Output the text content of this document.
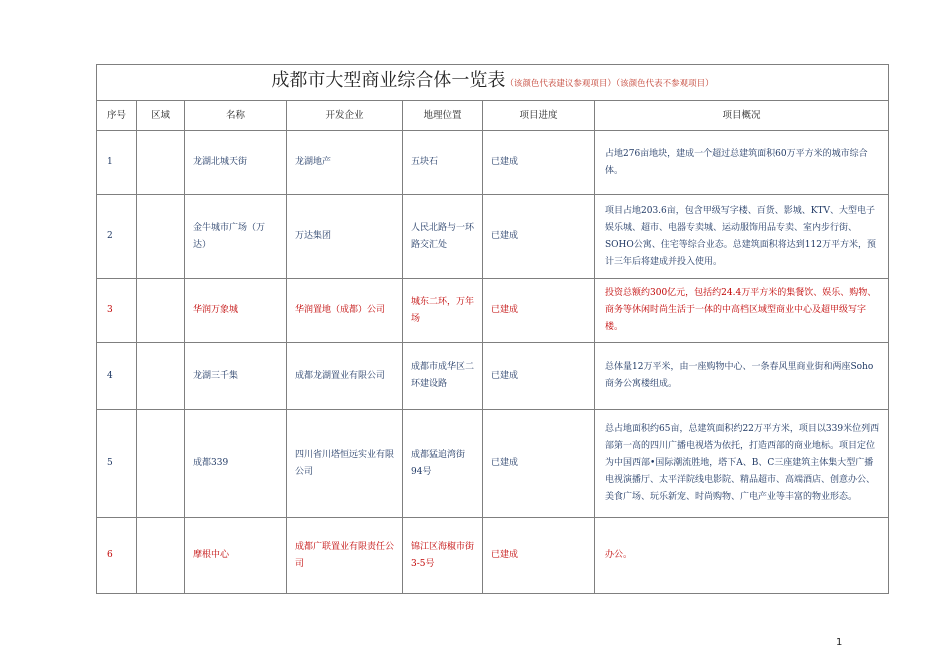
成都市大型商业综合体一览表（该颜色代表建议参观项目）（该颜色代表不参观项目）						
序号	区域	名称	开发企业	地理位置	项目进度	项目概况
1		龙湖北城天街	龙湖地产	五块石	已建成	占地276亩地块，建成一个超过总建筑面积60万平方米的城市综合体。
2		金牛城市广场（万达）	万达集团	人民北路与一环路交汇处	已建成	项目占地203.6亩，包含甲级写字楼、百货、影城、KTV、大型电子娱乐城、超市、电器专卖城、运动服饰用品专卖、室内步行街、SOHO公寓、住宅等综合业态。总建筑面积将达到112万平方米，预计三年后将建成并投入使用。
3		华润万象城	华润置地（成都）公司	城东二环，万年场	已建成	投资总额约300亿元，包括约24.4万平方米的集餐饮、娱乐、购物、商务等休闲时尚生活于一体的中高档区域型商业中心及超甲级写字楼。
4		龙湖三千集	成都龙湖置业有限公司	成都市成华区二环建设路	已建成	总体量12万平米，由一座购物中心、一条春风里商业街和两座Soho商务公寓楼组成。
5		成都339	四川省川塔恒远实业有限公司	成都猛追湾街94号	已建成	总占地面积约65亩，总建筑面积约22万平方米，项目以339米位列西部第一高的四川广播电视塔为依托，打造西部的商业地标。项目定位为中国西部•国际潮流胜地，塔下A、B、C三座建筑主体集大型广播电视演播厅、太平洋院线电影院、精品超市、高端酒店、创意办公、美食广场、玩乐新宠、时尚购物、广电产业等丰富的物业形态。
6		摩根中心	成都广联置业有限责任公司	锦江区海椒市街3-5号	已建成	办公。
1
